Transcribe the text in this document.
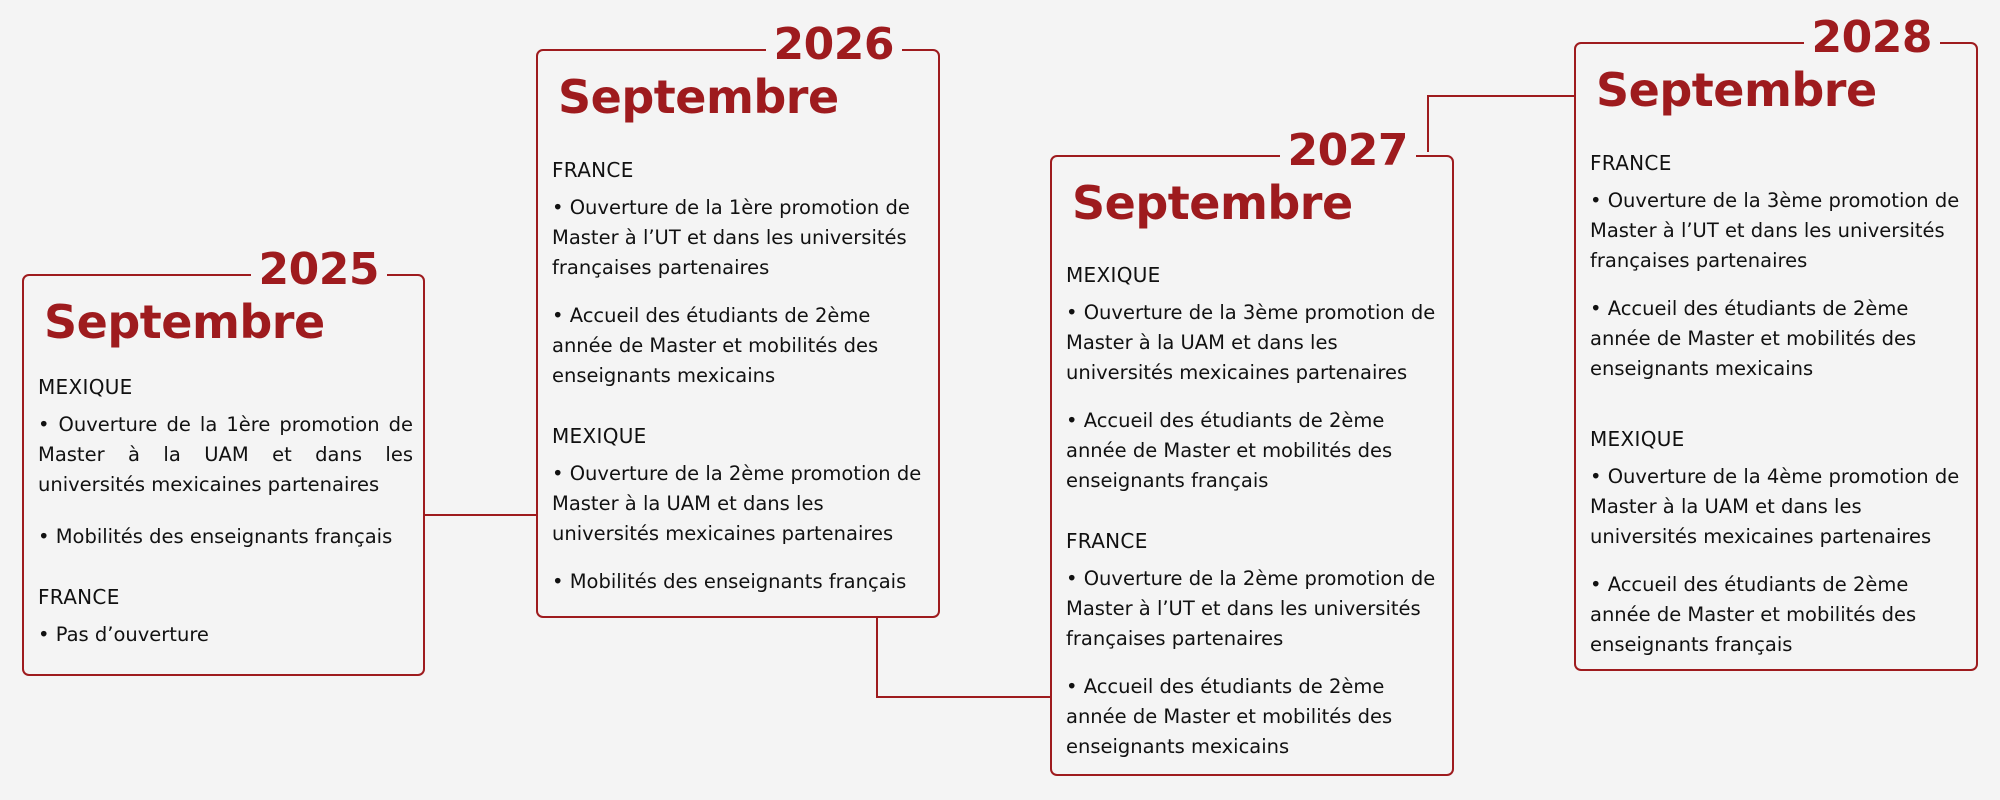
2025
Septembre
MEXIQUE
• Ouverture de la 1ère promotion de Master à la UAM et dans les universités mexicaines partenaires
• Mobilités des enseignants français
FRANCE
• Pas d’ouverture
2026
Septembre
FRANCE
• Ouverture de la 1ère promotion de Master à l’UT et dans les universités françaises partenaires
• Accueil des étudiants de 2ème année de Master et mobilités des enseignants mexicains
MEXIQUE
• Ouverture de la 2ème promotion de Master à la UAM et dans les universités mexicaines partenaires
• Mobilités des enseignants français
2027
Septembre
MEXIQUE
• Ouverture de la 3ème promotion de Master à la UAM et dans les universités mexicaines partenaires
• Accueil des étudiants de 2ème année de Master et mobilités des enseignants français
FRANCE
• Ouverture de la 2ème promotion de Master à l’UT et dans les universités françaises partenaires
• Accueil des étudiants de 2ème année de Master et mobilités des enseignants mexicains
2028
Septembre
FRANCE
• Ouverture de la 3ème promotion de Master à l’UT et dans les universités françaises partenaires
• Accueil des étudiants de 2ème année de Master et mobilités des enseignants mexicains
MEXIQUE
• Ouverture de la 4ème promotion de Master à la UAM et dans les universités mexicaines partenaires
• Accueil des étudiants de 2ème année de Master et mobilités des enseignants français
